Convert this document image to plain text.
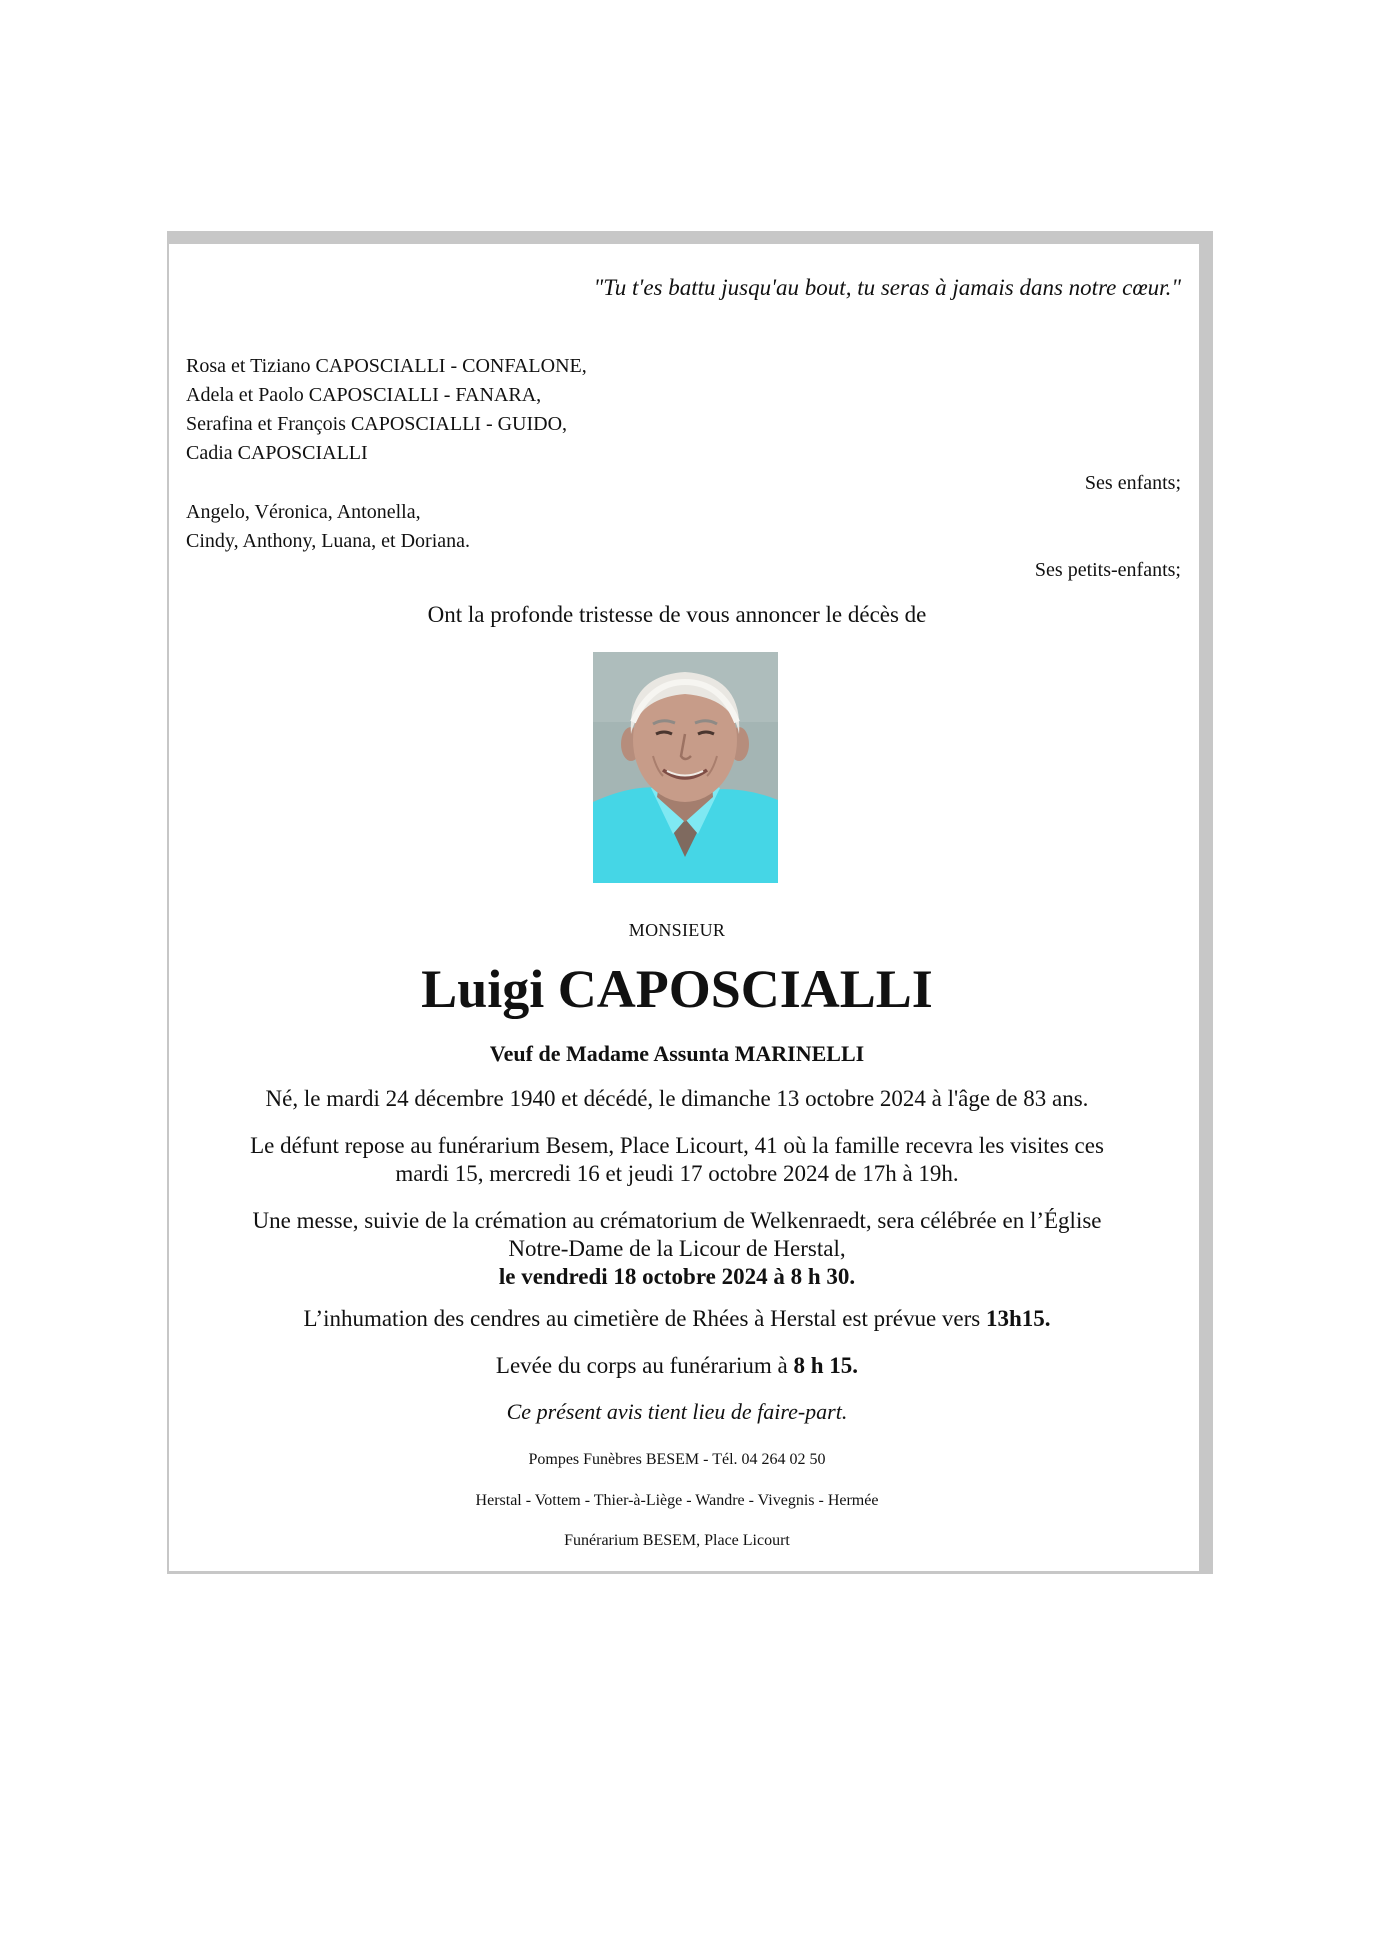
"Tu t'es battu jusqu'au bout, tu seras à jamais dans notre cœur."
Rosa et Tiziano CAPOSCIALLI - CONFALONE,
Adela et Paolo CAPOSCIALLI - FANARA,
Serafina et François CAPOSCIALLI - GUIDO,
Cadia CAPOSCIALLI
Ses enfants;
Angelo, Véronica, Antonella,
Cindy, Anthony, Luana, et Doriana.
Ses petits-enfants;
Ont la profonde tristesse de vous annoncer le décès de
MONSIEUR
Luigi CAPOSCIALLI
Veuf de Madame Assunta MARINELLI
Né, le mardi 24 décembre 1940 et décédé, le dimanche 13 octobre 2024 à l'âge de 83 ans.
Le défunt repose au funérarium Besem, Place Licourt, 41 où la famille recevra les visites ces
mardi 15, mercredi 16 et jeudi 17 octobre 2024 de 17h à 19h.
Une messe, suivie de la crémation au crématorium de Welkenraedt, sera célébrée en l’Église
Notre-Dame de la Licour de Herstal,
le vendredi 18 octobre 2024 à 8 h 30.
L’inhumation des cendres au cimetière de Rhées à Herstal est prévue vers 13h15.
Levée du corps au funérarium à 8 h 15.
Ce présent avis tient lieu de faire-part.
Pompes Funèbres BESEM - Tél. 04 264 02 50
Herstal - Vottem - Thier-à-Liège - Wandre - Vivegnis - Hermée
Funérarium BESEM, Place Licourt
